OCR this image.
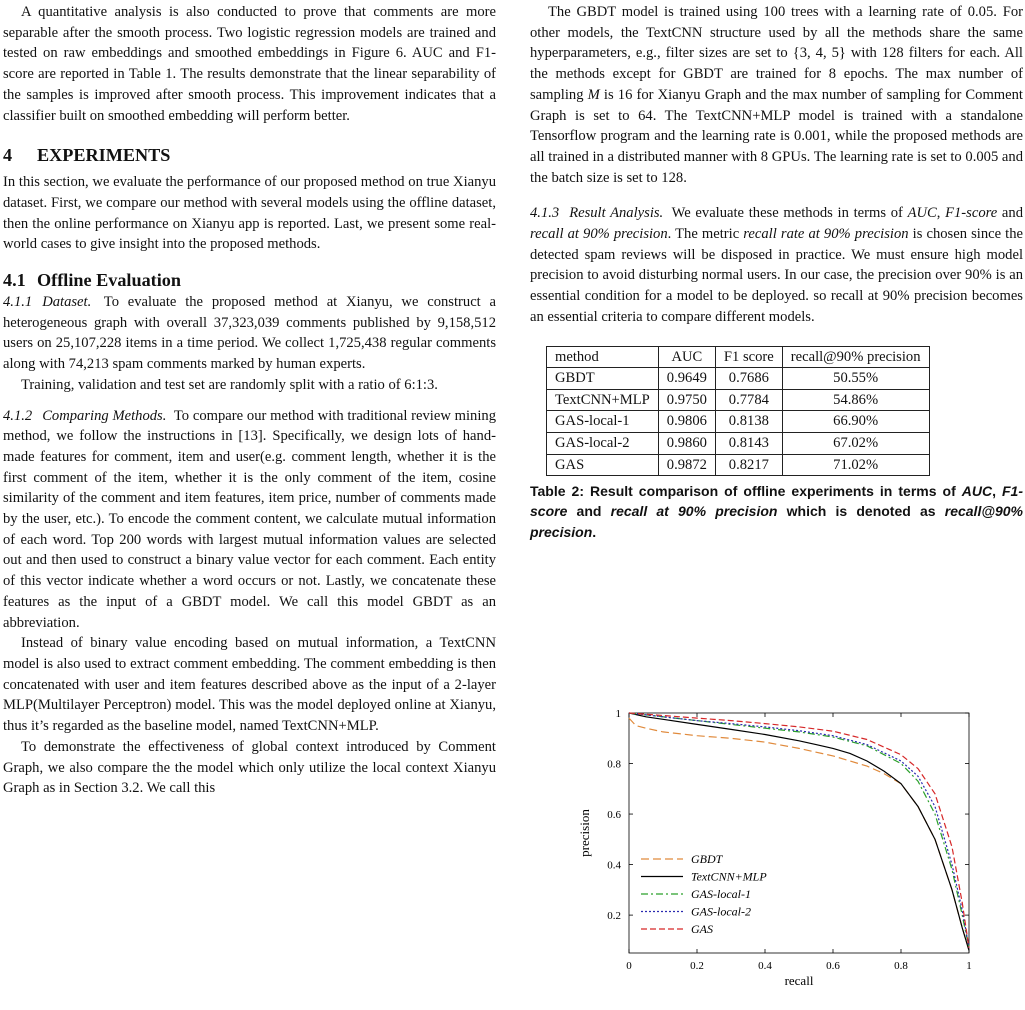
A quantitative analysis is also conducted to prove that comments are more separable after the smooth process. Two logistic regression models are trained and tested on raw embeddings and smoothed embeddings in Figure 6. AUC and F1-score are reported in Table 1. The results demonstrate that the linear separability of the samples is improved after smooth process. This improvement indicates that a classifier built on smoothed embedding will perform better.

4 EXPERIMENTS

In this section, we evaluate the performance of our proposed method on true Xianyu dataset. First, we compare our method with several models using the offline dataset, then the online performance on Xianyu app is reported. Last, we present some real-world cases to give insight into the proposed methods.

4.1 Offline Evaluation

4.1.1 Dataset. To evaluate the proposed method at Xianyu, we construct a heterogeneous graph with overall 37,323,039 comments published by 9,158,512 users on 25,107,228 items in a time period. We collect 1,725,438 regular comments along with 74,213 spam comments marked by human experts.

Training, validation and test set are randomly split with a ratio of 6:1:3.

4.1.2 Comparing Methods. To compare our method with traditional review mining method, we follow the instructions in [13]. Specifically, we design lots of hand-made features for comment, item and user(e.g. comment length, whether it is the first comment of the item, whether it is the only comment of the item, cosine similarity of the comment and item features, item price, number of comments made by the user, etc.). To encode the comment content, we calculate mutual information of each word. Top 200 words with largest mutual information values are selected out and then used to construct a binary value vector for each comment. Each entity of this vector indicate whether a word occurs or not. Lastly, we concatenate these features as the input of a GBDT model. We call this model GBDT as an abbreviation.

Instead of binary value encoding based on mutual information, a TextCNN model is also used to extract comment embedding. The comment embedding is then concatenated with user and item features described above as the input of a 2-layer MLP(Multilayer Perceptron) model. This was the model deployed online at Xianyu, thus it’s regarded as the baseline model, named TextCNN+MLP.

To demonstrate the effectiveness of global context introduced by Comment Graph, we also compare the the model which only utilize the local context Xianyu Graph as in Section 3.2. We call this

The GBDT model is trained using 100 trees with a learning rate of 0.05. For other models, the TextCNN structure used by all the methods share the same hyperparameters, e.g., filter sizes are set to {3, 4, 5} with 128 filters for each. All the methods except for GBDT are trained for 8 epochs. The max number of sampling M is 16 for Xianyu Graph and the max number of sampling for Comment Graph is set to 64. The TextCNN+MLP model is trained with a standalone Tensorflow program and the learning rate is 0.001, while the proposed methods are all trained in a distributed manner with 8 GPUs. The learning rate is set to 0.005 and the batch size is set to 128.

4.1.3 Result Analysis. We evaluate these methods in terms of AUC, F1-score and recall at 90% precision. The metric recall rate at 90% precision is chosen since the detected spam reviews will be disposed in practice. We must ensure high model precision to avoid disturbing normal users. In our case, the precision over 90% is an essential condition for a model to be deployed. so recall at 90% precision becomes an essential criteria to compare different models.

method	AUC	F1 score	recall@90% precision
GBDT	0.9649	0.7686	50.55%
TextCNN+MLP	0.9750	0.7784	54.86%
GAS-local-1	0.9806	0.8138	66.90%
GAS-local-2	0.9860	0.8143	67.02%
GAS	0.9872	0.8217	71.02%

Table 2: Result comparison of offline experiments in terms of AUC, F1-score and recall at 90% precision which is denoted as recall@90% precision.

0	0.2	0.4	0.6	0.8	1
0.2
0.4
0.6
0.8
1
GBDT
TextCNN+MLP
GAS-local-1
GAS-local-2
GAS
recall
precision
